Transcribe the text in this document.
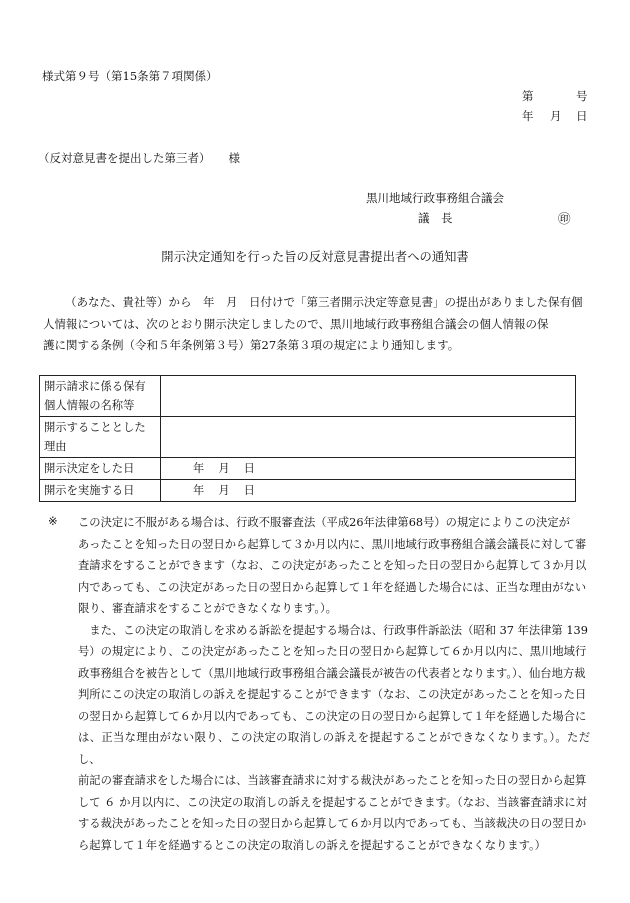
様式第９号（第15条第７項関係）
第	号
年 月 日
（反対意見書を提出した第三者） 様
黒川地域行政事務組合議会
議　長	㊞
開示決定通知を行った旨の反対意見書提出者への通知書

（あなた、貴社等）から　年　月　日付けで「第三者開示決定等意見書」の提出がありました保有個

人情報については、次のとおり開示決定しましたので、黒川地域行政事務組合議会の個人情報の保

護に関する条例（令和５年条例第３号）第27条第３項の規定により通知します。

開示請求に係る保有
個人情報の名称等	

開示することとした
理由	

開示決定をした日	年 月 日
開示を実施する日	年 月 日
※ この決定に不服がある場合は、行政不服審査法（平成26年法律第68号）の規定によりこの決定が

あったことを知った日の翌日から起算して３か月以内に、黒川地域行政事務組合議会議長に対して審

査請求をすることができます（なお、この決定があったことを知った日の翌日から起算して３か月以

内であっても、この決定があった日の翌日から起算して１年を経過した場合には、正当な理由がない

限り、審査請求をすることができなくなります。）。

　また、この決定の取消しを求める訴訟を提起する場合は、行政事件訴訟法（昭和 37 年法律第 139

号）の規定により、この決定があったことを知った日の翌日から起算して６か月以内に、黒川地域行

政事務組合を被告として（黒川地域行政事務組合議会議長が被告の代表者となります。）、仙台地方裁

判所にこの決定の取消しの訴えを提起することができます（なお、この決定があったことを知った日

の翌日から起算して６か月以内であっても、この決定の日の翌日から起算して１年を経過した場合に

は、正当な理由がない限り、この決定の取消しの訴えを提起することができなくなります。）。ただし、

前記の審査請求をした場合には、当該審査請求に対する裁決があったことを知った日の翌日から起算

して ６ か月以内に、この決定の取消しの訴えを提起することができます。（なお、当該審査請求に対

する裁決があったことを知った日の翌日から起算して６か月以内であっても、当該裁決の日の翌日か

ら起算して１年を経過するとこの決定の取消しの訴えを提起することができなくなります。）
